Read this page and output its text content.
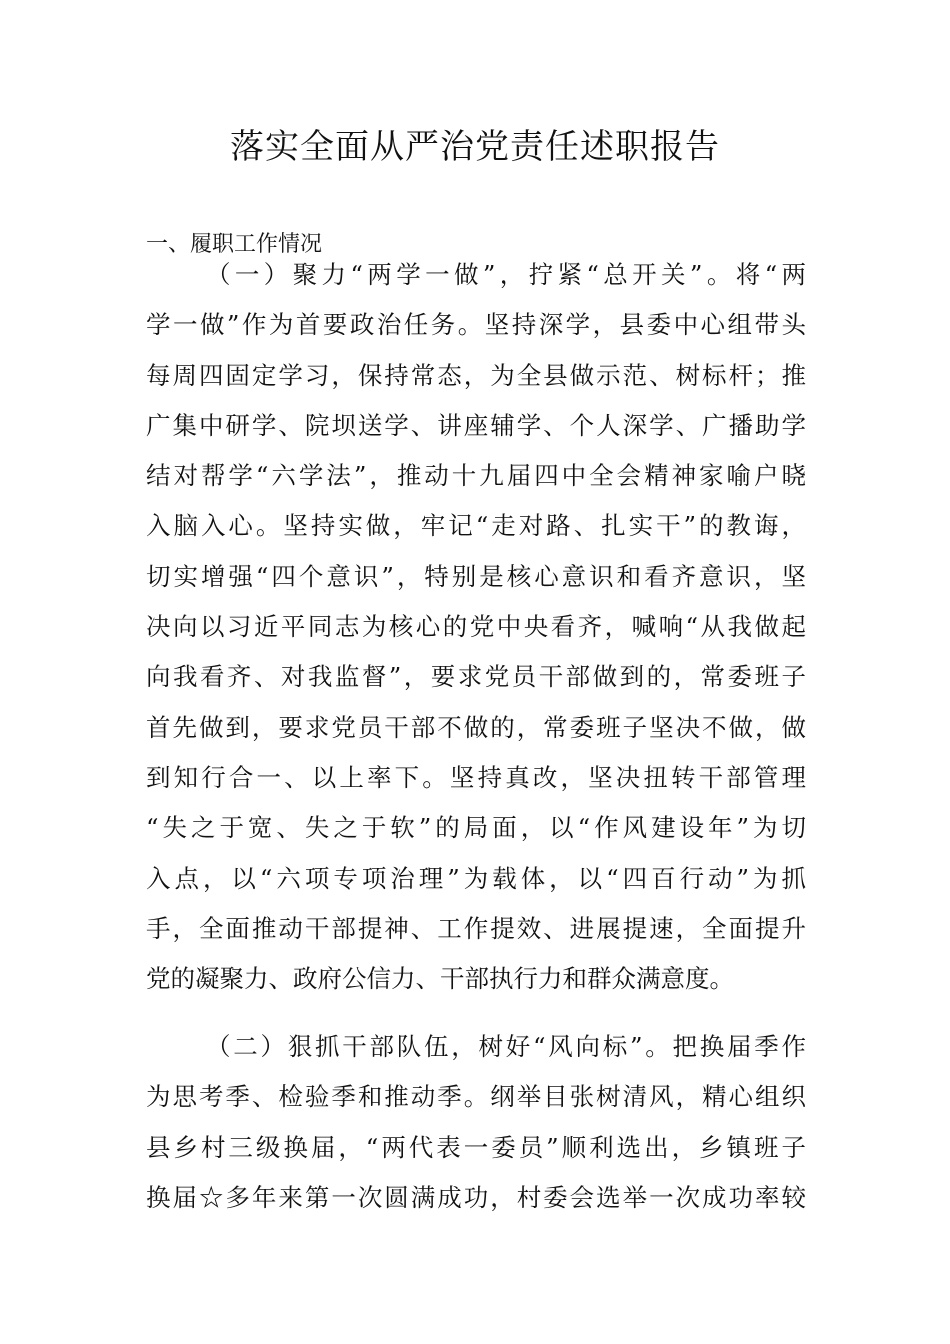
落实全面从严治党责任述职报告
一、履职工作情况
（一）聚力“两学一做”，拧紧“总开关”。将“两
学一做”作为首要政治任务。坚持深学，县委中心组带头
每周四固定学习，保持常态，为全县做示范、树标杆；推
广集中研学、院坝送学、讲座辅学、个人深学、广播助学
结对帮学“六学法”，推动十九届四中全会精神家喻户晓
入脑入心。坚持实做，牢记“走对路、扎实干”的教诲，
切实增强“四个意识”，特别是核心意识和看齐意识，坚
决向以习近平同志为核心的党中央看齐，喊响“从我做起
向我看齐、对我监督”，要求党员干部做到的，常委班子
首先做到，要求党员干部不做的，常委班子坚决不做，做
到知行合一、以上率下。坚持真改，坚决扭转干部管理
“失之于宽、失之于软”的局面，以“作风建设年”为切
入点，以“六项专项治理”为载体，以“四百行动”为抓
手，全面推动干部提神、工作提效、进展提速，全面提升
党的凝聚力、政府公信力、干部执行力和群众满意度。
（二）狠抓干部队伍，树好“风向标”。把换届季作
为思考季、检验季和推动季。纲举目张树清风，精心组织
县乡村三级换届，“两代表一委员”顺利选出，乡镇班子
换届☆多年来第一次圆满成功，村委会选举一次成功率较
